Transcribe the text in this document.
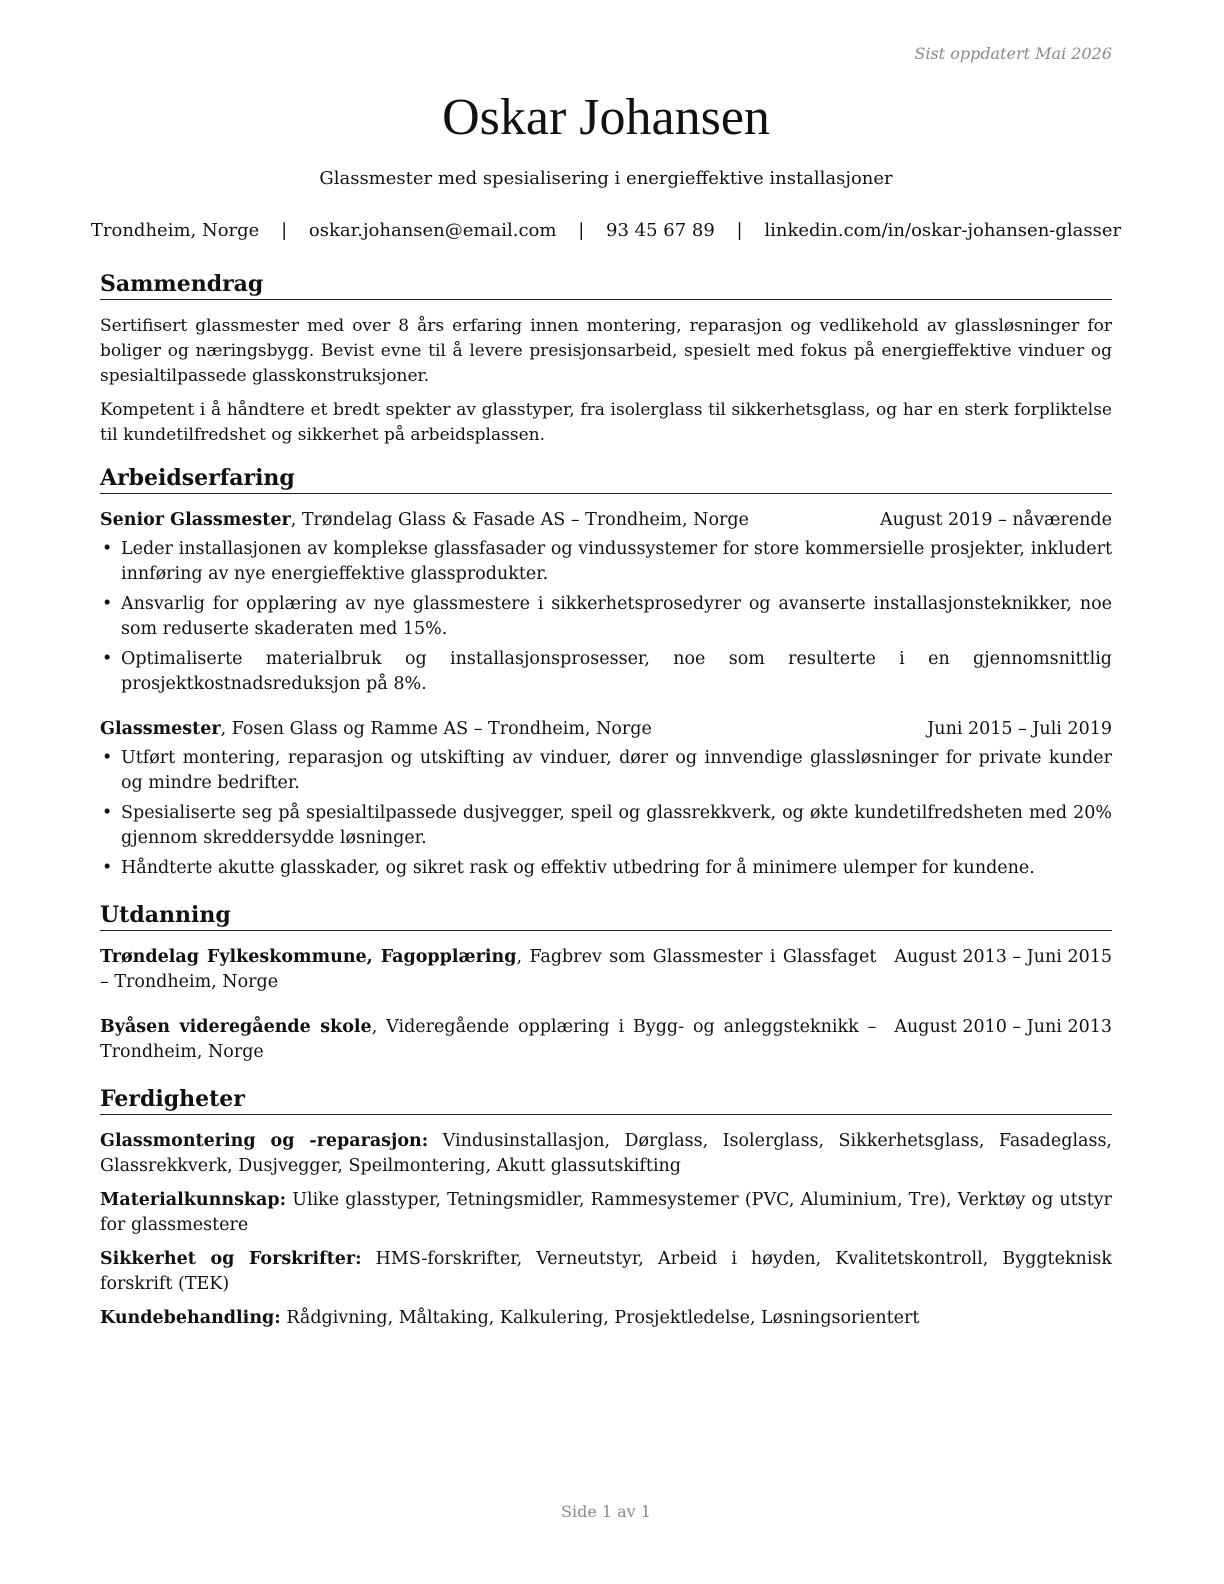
Sist oppdatert Mai 2026
Oskar Johansen
Glassmester med spesialisering i energieffektive installasjoner
Trondheim, Norge | oskar.johansen@email.com | 93 45 67 89 | linkedin.com/in/oskar-johansen-glasser
Sammendrag

Sertifisert glassmester med over 8 års erfaring innen montering, reparasjon og vedlikehold av glassløsninger for boliger og næringsbygg. Bevist evne til å levere presisjonsarbeid, spesielt med fokus på energieffektive vinduer og spesialtilpassede glasskonstruksjoner.

Kompetent i å håndtere et bredt spekter av glasstyper, fra isolerglass til sikkerhetsglass, og har en sterk forpliktelse til kundetilfredshet og sikkerhet på arbeidsplassen.

Arbeidserfaring
Senior Glassmester, Trøndelag Glass & Fasade AS – Trondheim, Norge	August 2019 – nåværende
• Leder installasjonen av komplekse glassfasader og vindussystemer for store kommersielle prosjekter, inkludert innføring av nye energieffektive glassprodukter.
• Ansvarlig for opplæring av nye glassmestere i sikkerhetsprosedyrer og avanserte installasjonsteknikker, noe som reduserte skaderaten med 15%.
• Optimaliserte materialbruk og installasjonsprosesser, noe som resulterte i en gjennomsnittlig prosjektkostnadsreduksjon på 8%.
Glassmester, Fosen Glass og Ramme AS – Trondheim, Norge	Juni 2015 – Juli 2019
• Utført montering, reparasjon og utskifting av vinduer, dører og innvendige glassløsninger for private kunder og mindre bedrifter.
• Spesialiserte seg på spesialtilpassede dusjvegger, speil og glassrekkverk, og økte kundetilfredsheten med 20% gjennom skreddersydde løsninger.
• Håndterte akutte glasskader, og sikret rask og effektiv utbedring for å minimere ulemper for kundene.
Utdanning
Trøndelag Fylkeskommune, Fagopplæring, Fagbrev som Glassmester i Glassfaget – Trondheim, Norge
August 2013 – Juni 2015
Byåsen videregående skole, Videregående opplæring i Bygg- og anleggsteknikk – Trondheim, Norge
August 2010 – Juni 2013
Ferdigheter
Glassmontering og -reparasjon: Vindusinstallasjon, Dørglass, Isolerglass, Sikkerhetsglass, Fasadeglass, Glassrekkverk, Dusjvegger, Speilmontering, Akutt glassutskifting
Materialkunnskap: Ulike glasstyper, Tetningsmidler, Rammesystemer (PVC, Aluminium, Tre), Verktøy og utstyr for glassmestere
Sikkerhet og Forskrifter: HMS-forskrifter, Verneutstyr, Arbeid i høyden, Kvalitetskontroll, Byggteknisk forskrift (TEK)
Kundebehandling: Rådgivning, Måltaking, Kalkulering, Prosjektledelse, Løsningsorientert
Side 1 av 1
